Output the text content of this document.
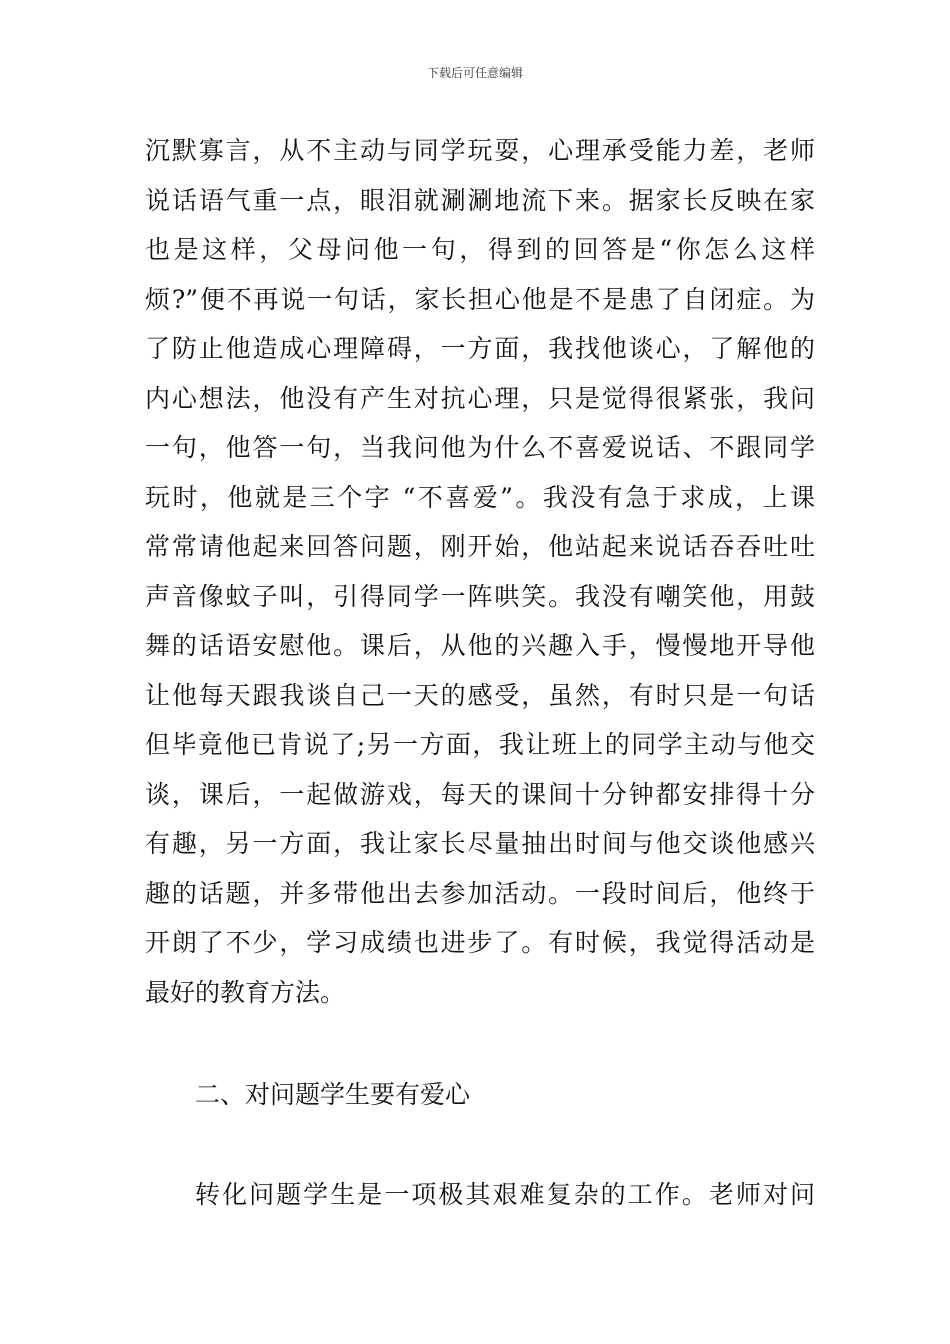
下载后可任意编辑
沉默寡言，从不主动与同学玩耍，心理承受能力差，老师
说话语气重一点，眼泪就涮涮地流下来。据家长反映在家
也是这样，父母问他一句，得到的回答是“你怎么这样
烦?”便不再说一句话，家长担心他是不是患了自闭症。为
了防止他造成心理障碍，一方面，我找他谈心，了解他的
内心想法，他没有产生对抗心理，只是觉得很紧张，我问
一句，他答一句，当我问他为什么不喜爱说话、不跟同学
玩时，他就是三个字 “不喜爱”。我没有急于求成，上课
常常请他起来回答问题，刚开始，他站起来说话吞吞吐吐
声音像蚊子叫，引得同学一阵哄笑。我没有嘲笑他，用鼓
舞的话语安慰他。课后，从他的兴趣入手，慢慢地开导他
让他每天跟我谈自己一天的感受，虽然，有时只是一句话
但毕竟他已肯说了;另一方面，我让班上的同学主动与他交
谈，课后，一起做游戏，每天的课间十分钟都安排得十分
有趣，另一方面，我让家长尽量抽出时间与他交谈他感兴
趣的话题，并多带他出去参加活动。一段时间后，他终于
开朗了不少，学习成绩也进步了。有时候，我觉得活动是
最好的教育方法。
二、对问题学生要有爱心
转化问题学生是一项极其艰难复杂的工作。老师对问
